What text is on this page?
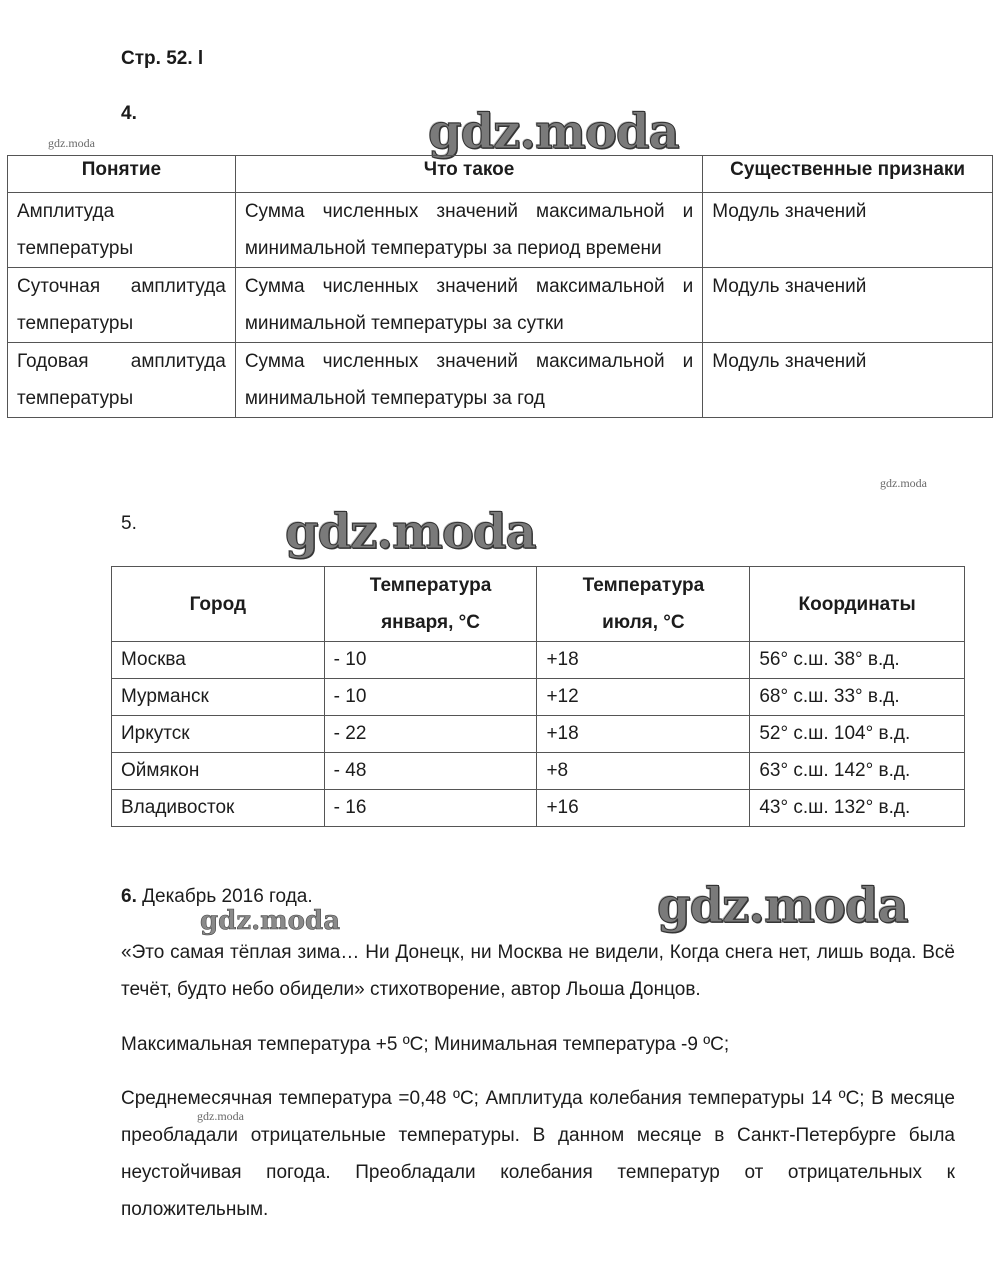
Стр. 52. l
4.	gdz.moda
gdz.moda
Понятие	Что такое	Существенные признаки
Амплитуда температуры	Сумма численных значений максимальной и минимальной температуры за период времени	Модуль значений
Суточная амплитуда температуры	Сумма численных значений максимальной и минимальной температуры за сутки	Модуль значений
Годовая амплитуда температуры	Сумма численных значений максимальной и минимальной температуры за год	Модуль значений
gdz.moda
5.	gdz.moda
Город	Температура января, °С	Температура июля, °С	Координаты
Москва	- 10	+18	56° с.ш. 38° в.д.
Мурманск	- 10	+12	68° с.ш. 33° в.д.
Иркутск	- 22	+18	52° с.ш. 104° в.д.
Оймякон	- 48	+8	63° с.ш. 142° в.д.
Владивосток	- 16	+16	43° с.ш. 132° в.д.
6. Декабрь 2016 года.
gdz.moda	gdz.moda
«Это самая тёплая зима… Ни Донецк, ни Москва не видели, Когда снега нет, лишь вода. Всё течёт, будто небо обидели» стихотворение, автор Льоша Донцов.
Максимальная температура +5 ºС; Минимальная температура -9 ºС;
gdz.moda
Среднемесячная температура =0,48 ºС; Амплитуда колебания температуры 14 ºС; В месяце преобладали отрицательные температуры. В данном месяце в Санкт-Петербурге была неустойчивая погода. Преобладали колебания температур от отрицательных к положительным.
